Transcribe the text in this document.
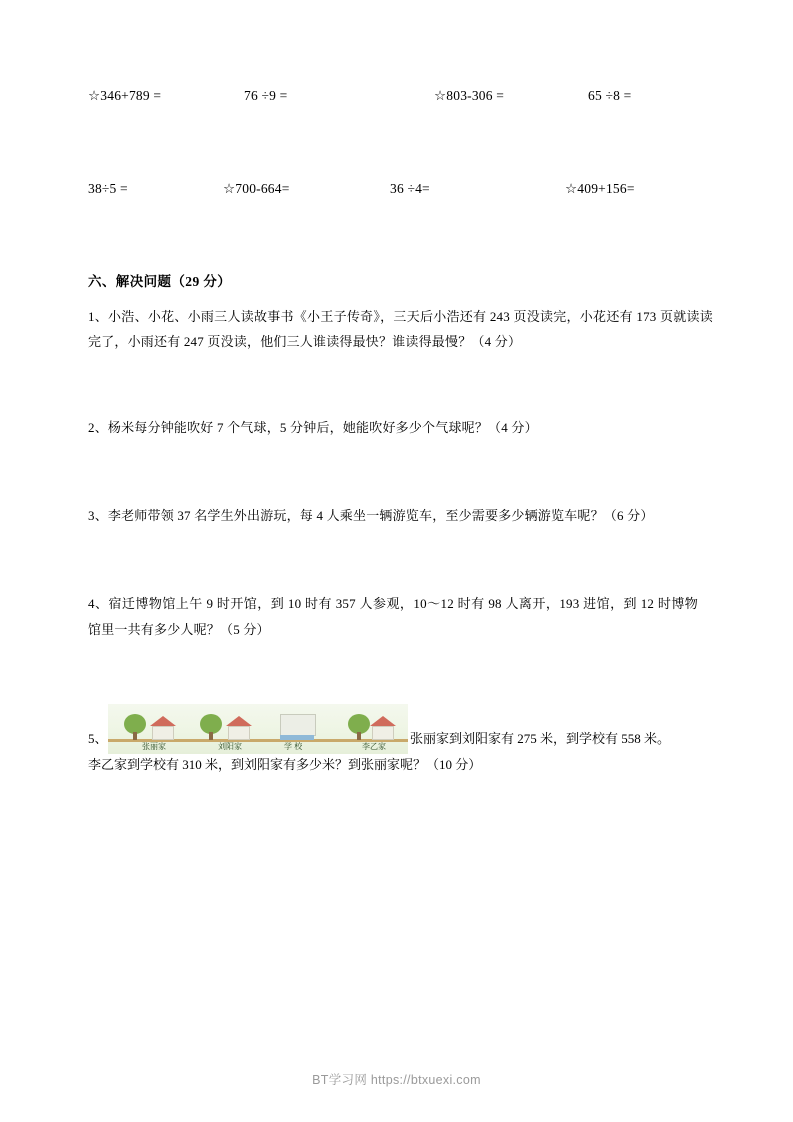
☆346+789 =	76 ÷9 =	☆803-306 =	65 ÷8 =
38÷5 =	☆700-664=	36 ÷4=	☆409+156=
六、解决问题（29 分）
1、小浩、小花、小雨三人读故事书《小王子传奇》，三天后小浩还有 243 页没读完，小花还有 173 页就读读完了，小雨还有 247 页没读，他们三人谁读得最快？谁读得最慢？（4 分）
2、杨米每分钟能吹好 7 个气球，5 分钟后，她能吹好多少个气球呢？（4 分）
3、李老师带领 37 名学生外出游玩，每 4 人乘坐一辆游览车，至少需要多少辆游览车呢？（6 分）
4、宿迁博物馆上午 9 时开馆，到 10 时有 357 人参观，10～12 时有 98 人离开，193 进馆，到 12 时博物馆里一共有多少人呢？（5 分）
张丽家	刘阳家	学 校	李乙家
5、	张丽家到刘阳家有 275 米，到学校有 558 米。
李乙家到学校有 310 米，到刘阳家有多少米？到张丽家呢？（10 分）
BT学习网 https://btxuexi.com
